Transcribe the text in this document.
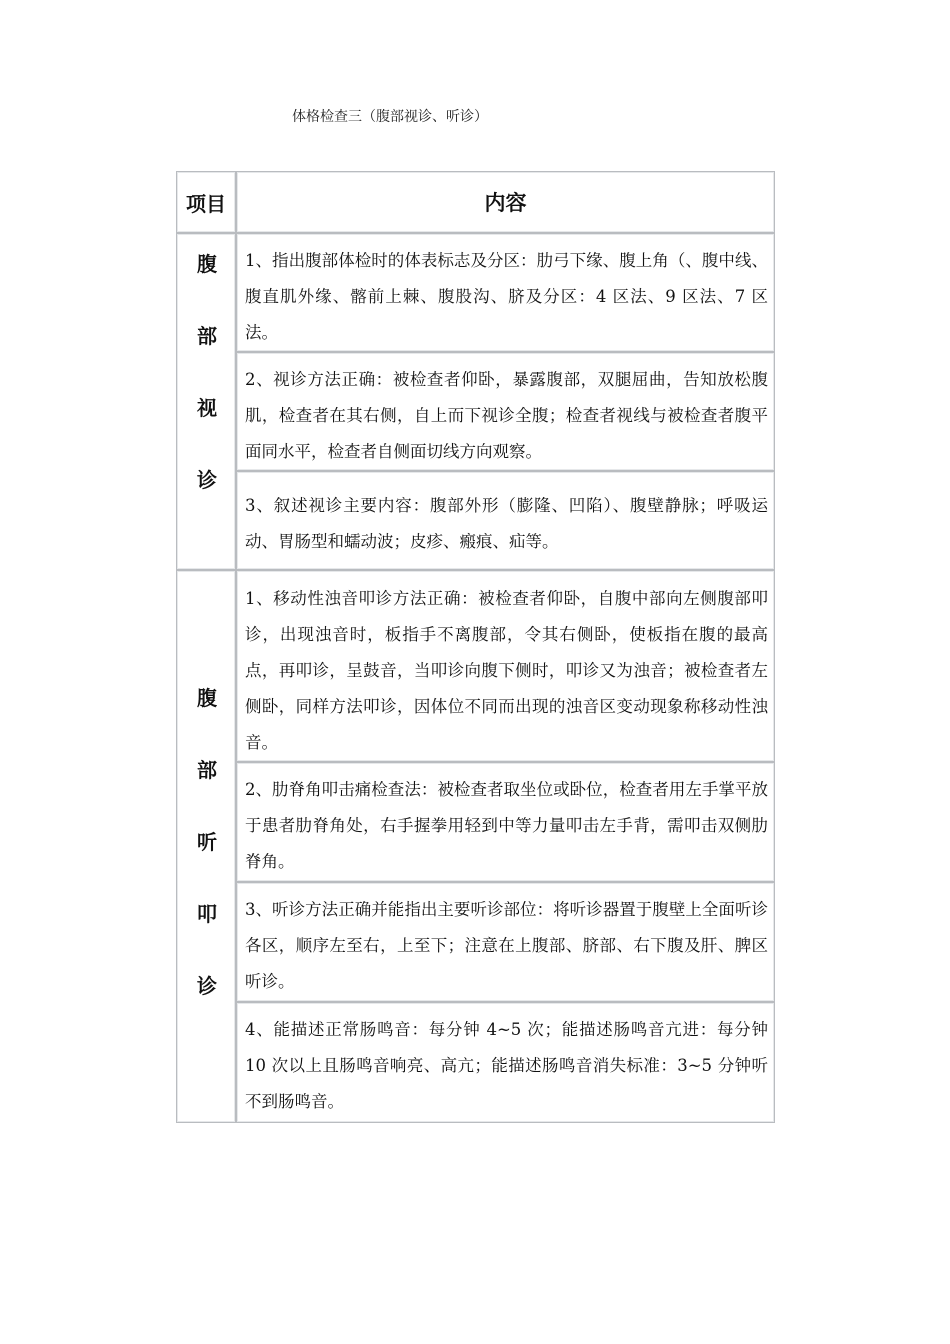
体格检查三（腹部视诊、听诊）
项目	内容
腹
部
视
诊
1、指出腹部体检时的体表标志及分区：肋弓下缘、腹上角（、腹中线、腹直肌外缘、髂前上棘、腹股沟、脐及分区：4 区法、9 区法、7 区法。
2、视诊方法正确：被检查者仰卧，暴露腹部，双腿屈曲，告知放松腹肌，检查者在其右侧，自上而下视诊全腹；检查者视线与被检查者腹平面同水平，检查者自侧面切线方向观察。
3、叙述视诊主要内容：腹部外形（膨隆、凹陷）、腹壁静脉；呼吸运动、胃肠型和蠕动波；皮疹、瘢痕、疝等。
腹
部
听
叩
诊
1、移动性浊音叩诊方法正确：被检查者仰卧，自腹中部向左侧腹部叩诊，出现浊音时，板指手不离腹部，令其右侧卧，使板指在腹的最高点，再叩诊，呈鼓音，当叩诊向腹下侧时，叩诊又为浊音；被检查者左侧卧，同样方法叩诊，因体位不同而出现的浊音区变动现象称移动性浊音。
2、肋脊角叩击痛检查法：被检查者取坐位或卧位，检查者用左手掌平放于患者肋脊角处，右手握拳用轻到中等力量叩击左手背，需叩击双侧肋脊角。
3、听诊方法正确并能指出主要听诊部位：将听诊器置于腹壁上全面听诊各区，顺序左至右，上至下；注意在上腹部、脐部、右下腹及肝、脾区听诊。
4、能描述正常肠鸣音：每分钟 4~5 次；能描述肠鸣音亢进：每分钟 10 次以上且肠鸣音响亮、高亢；能描述肠鸣音消失标准：3~5 分钟听不到肠鸣音。
